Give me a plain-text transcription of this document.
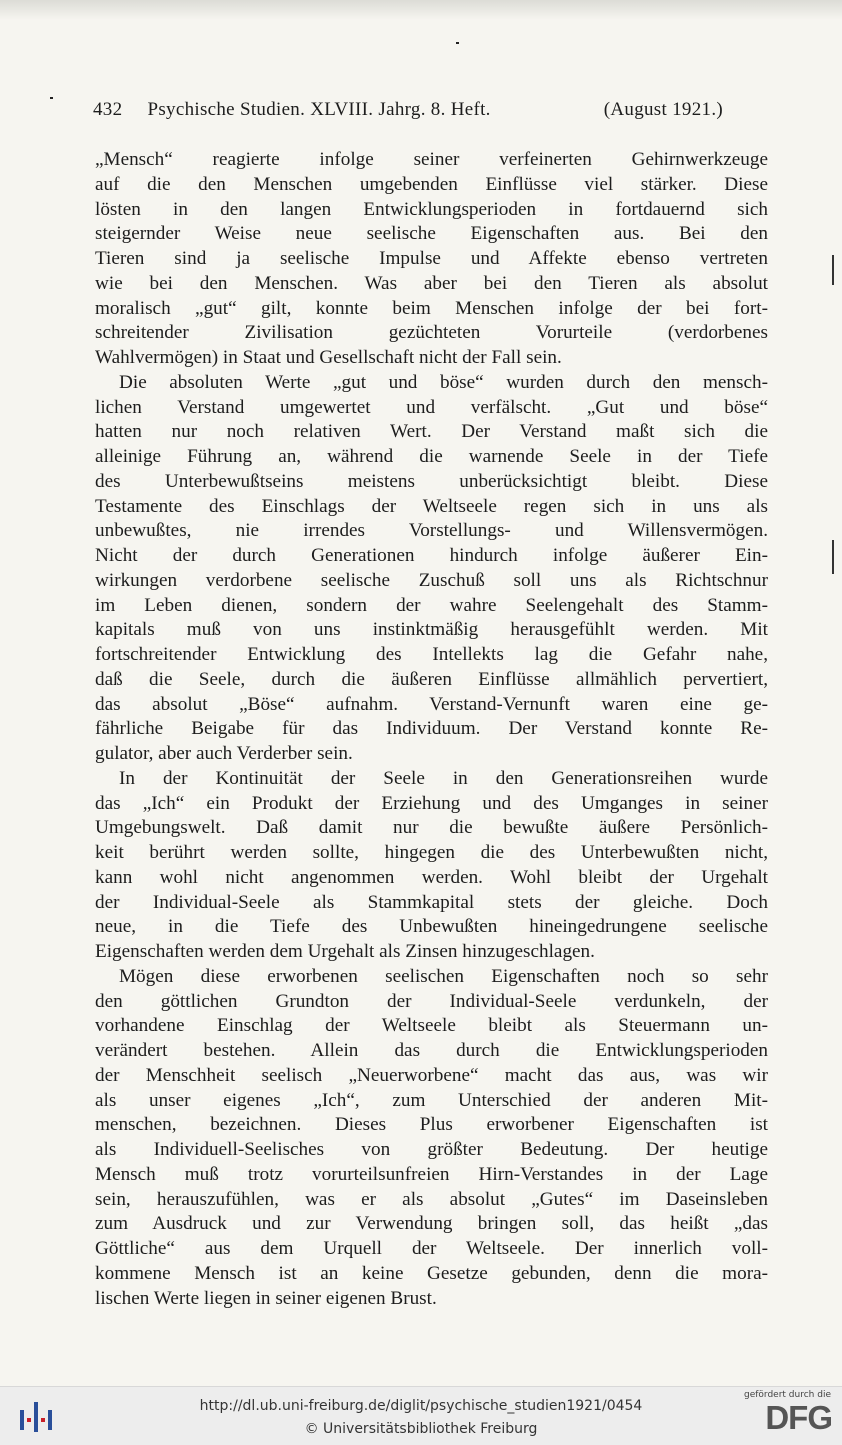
432 Psychische Studien. XLVIII. Jahrg. 8. Heft.	(August 1921.)
„Mensch“ reagierte infolge seiner verfeinerten Gehirnwerkzeuge
auf die den Menschen umgebenden Einflüsse viel stärker. Diese
lösten in den langen Entwicklungsperioden in fortdauernd sich
steigernder Weise neue seelische Eigenschaften aus. Bei den
Tieren sind ja seelische Impulse und Affekte ebenso vertreten
wie bei den Menschen. Was aber bei den Tieren als absolut
moralisch „gut“ gilt, konnte beim Menschen infolge der bei fort-
schreitender Zivilisation gezüchteten Vorurteile (verdorbenes
Wahlvermögen) in Staat und Gesellschaft nicht der Fall sein.
Die absoluten Werte „gut und böse“ wurden durch den mensch-
lichen Verstand umgewertet und verfälscht. „Gut und böse“
hatten nur noch relativen Wert. Der Verstand maßt sich die
alleinige Führung an, während die warnende Seele in der Tiefe
des Unterbewußtseins meistens unberücksichtigt bleibt. Diese
Testamente des Einschlags der Weltseele regen sich in uns als
unbewußtes, nie irrendes Vorstellungs- und Willensvermögen.
Nicht der durch Generationen hindurch infolge äußerer Ein-
wirkungen verdorbene seelische Zuschuß soll uns als Richtschnur
im Leben dienen, sondern der wahre Seelengehalt des Stamm-
kapitals muß von uns instinktmäßig herausgefühlt werden. Mit
fortschreitender Entwicklung des Intellekts lag die Gefahr nahe,
daß die Seele, durch die äußeren Einflüsse allmählich pervertiert,
das absolut „Böse“ aufnahm. Verstand-Vernunft waren eine ge-
fährliche Beigabe für das Individuum. Der Verstand konnte Re-
gulator, aber auch Verderber sein.
In der Kontinuität der Seele in den Generationsreihen wurde
das „Ich“ ein Produkt der Erziehung und des Umganges in seiner
Umgebungswelt. Daß damit nur die bewußte äußere Persönlich-
keit berührt werden sollte, hingegen die des Unterbewußten nicht,
kann wohl nicht angenommen werden. Wohl bleibt der Urgehalt
der Individual-Seele als Stammkapital stets der gleiche. Doch
neue, in die Tiefe des Unbewußten hineingedrungene seelische
Eigenschaften werden dem Urgehalt als Zinsen hinzugeschlagen.
Mögen diese erworbenen seelischen Eigenschaften noch so sehr
den göttlichen Grundton der Individual-Seele verdunkeln, der
vorhandene Einschlag der Weltseele bleibt als Steuermann un-
verändert bestehen. Allein das durch die Entwicklungsperioden
der Menschheit seelisch „Neuerworbene“ macht das aus, was wir
als unser eigenes „Ich“, zum Unterschied der anderen Mit-
menschen, bezeichnen. Dieses Plus erworbener Eigenschaften ist
als Individuell-Seelisches von größter Bedeutung. Der heutige
Mensch muß trotz vorurteilsunfreien Hirn-Verstandes in der Lage
sein, herauszufühlen, was er als absolut „Gutes“ im Daseinsleben
zum Ausdruck und zur Verwendung bringen soll, das heißt „das
Göttliche“ aus dem Urquell der Weltseele. Der innerlich voll-
kommene Mensch ist an keine Gesetze gebunden, denn die mora-
lischen Werte liegen in seiner eigenen Brust.
http://dl.ub.uni-freiburg.de/diglit/psychische_studien1921/0454
© Universitätsbibliothek Freiburg
gefördert durch die
DFG
